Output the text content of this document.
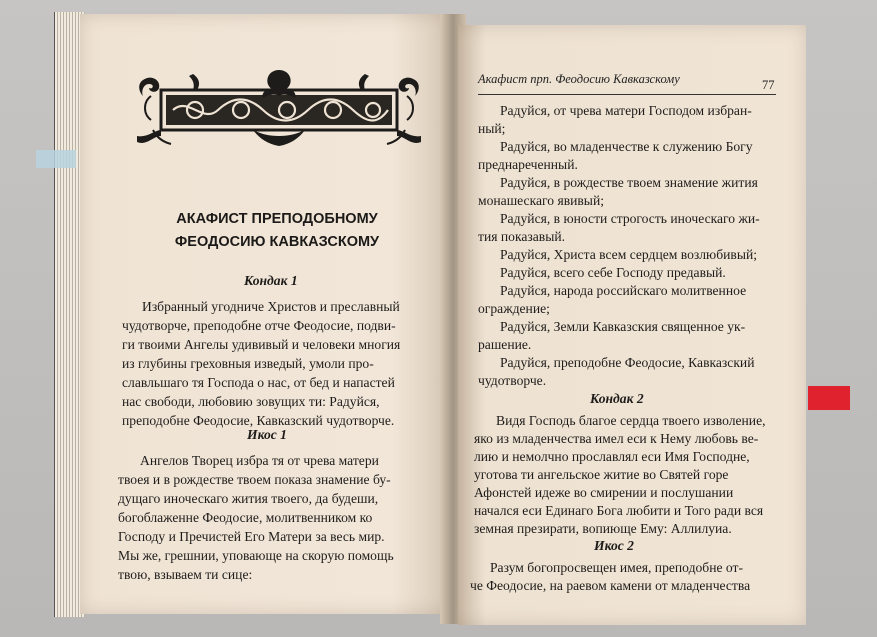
АКАФИСТ ПРЕПОДОБНОМУ
ФЕОДОСИЮ КАВКАЗСКОМУ
Кондак 1
Избранный угодниче Христов и преславный
чудотворче, преподобне отче Феодосие, подви-
ги твоими Ангелы удививый и человеки многия
из глубины греховныя изведый, умоли про-
славльшаго тя Господа о нас, от бед и напастей
нас свободи, любовию зовущих ти: Радуйся,
преподобне Феодосие, Кавказский чудотворче.
Икос 1
Ангелов Творец избра тя от чрева матери
твоея и в рождестве твоем показа знамение бу-
дущаго иноческаго жития твоего, да будеши,
богоблаженне Феодосие, молитвенником ко
Господу и Пречистей Его Матери за весь мир.
Мы же, грешнии, уповающе на скорую помощь
твою, взываем ти сице:
Акафист прп. Феодосию Кавказскому	77
Радуйся, от чрева матери Господом избран-
ный;
Радуйся, во младенчестве к служению Богу
преднареченный.
Радуйся, в рождестве твоем знамение жития
монашескаго явивый;
Радуйся, в юности строгость иноческаго жи-
тия показавый.
Радуйся, Христа всем сердцем возлюбивый;
Радуйся, всего себе Господу предавый.
Радуйся, народа российскаго молитвенное
ограждение;
Радуйся, Земли Кавказския священное ук-
рашение.
Радуйся, преподобне Феодосие, Кавказский
чудотворче.
Кондак 2
Видя Господь благое сердца твоего изволение,
яко из младенчества имел еси к Нему любовь ве-
лию и немолчно прославлял еси Имя Господне,
уготова ти ангельское житие во Святей горе
Афонстей идеже во смирении и послушании
начался еси Единаго Бога любити и Того ради вся
земная презирати, вопиюще Ему: Аллилуиа.
Икос 2
Разум богопросвещен имея, преподобне от-
че Феодосие, на раевом камени от младенчества
